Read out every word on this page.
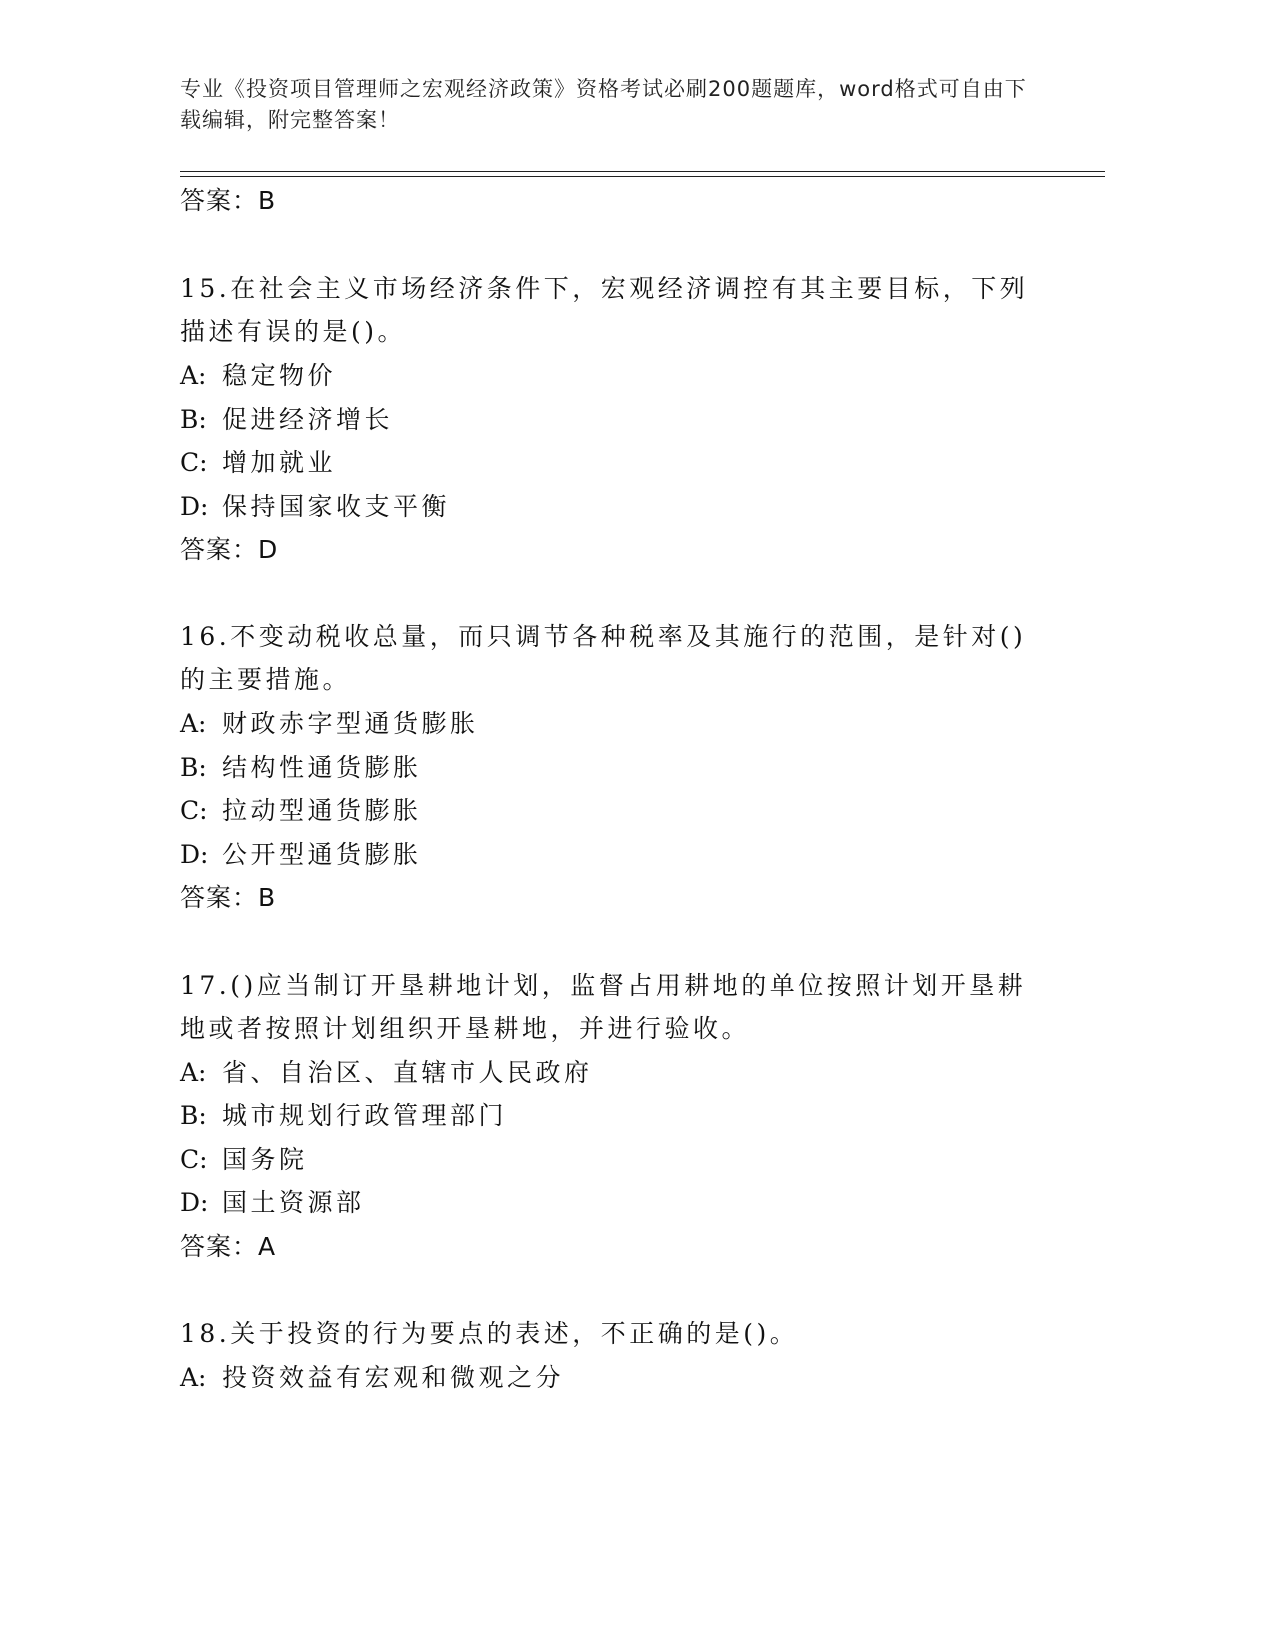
专业《投资项目管理师之宏观经济政策》资格考试必刷200题题库，word格式可自由下载编辑，附完整答案！
答案：B
15.在社会主义市场经济条件下，宏观经济调控有其主要目标，下列描述有误的是()。
A: 稳定物价
B: 促进经济增长
C: 增加就业
D: 保持国家收支平衡
答案：D
16.不变动税收总量，而只调节各种税率及其施行的范围，是针对()的主要措施。
A: 财政赤字型通货膨胀
B: 结构性通货膨胀
C: 拉动型通货膨胀
D: 公开型通货膨胀
答案：B
17.()应当制订开垦耕地计划，监督占用耕地的单位按照计划开垦耕地或者按照计划组织开垦耕地，并进行验收。
A: 省、自治区、直辖市人民政府
B: 城市规划行政管理部门
C: 国务院
D: 国土资源部
答案：A
18.关于投资的行为要点的表述，不正确的是()。
A: 投资效益有宏观和微观之分
